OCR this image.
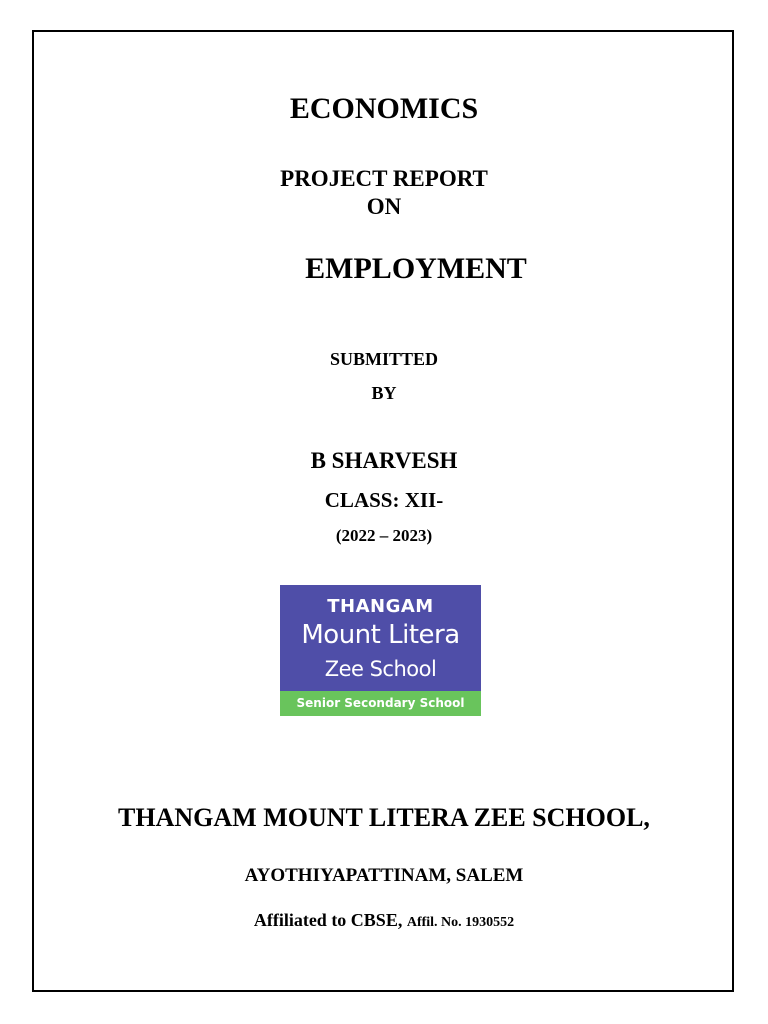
ECONOMICS
PROJECT REPORT
ON
EMPLOYMENT
SUBMITTED
BY
B SHARVESH
CLASS: XII-
(2022 – 2023)
THANGAM
Mount Litera
Zee School
Senior Secondary School
THANGAM MOUNT LITERA ZEE SCHOOL,
AYOTHIYAPATTINAM, SALEM
Affiliated to CBSE, Affil. No. 1930552
